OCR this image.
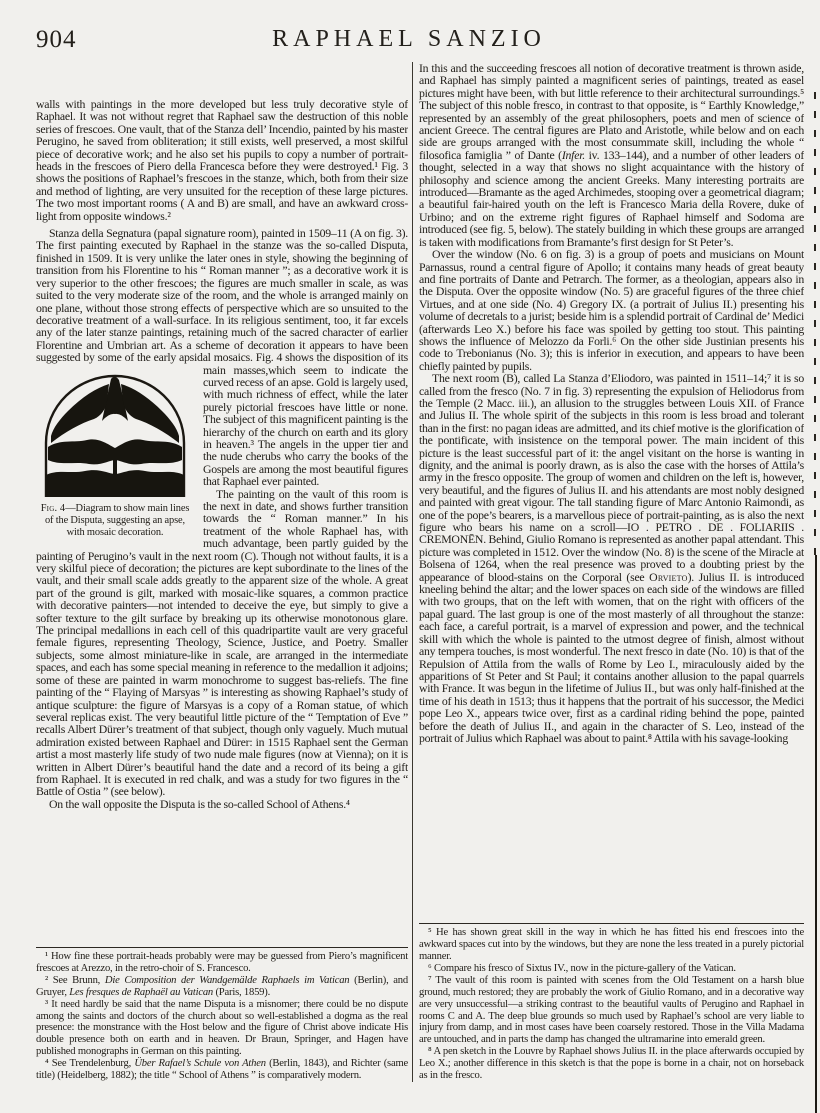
904	RAPHAEL SANZIO

walls with paintings in the more developed but less truly decorative style of Raphael. It was not without regret that Raphael saw the destruction of this noble series of frescoes. One vault, that of the Stanza dell’ Incendio, painted by his master Perugino, he saved from obliteration; it still exists, well preserved, a most skilful piece of decorative work; and he also set his pupils to copy a number of portrait-heads in the frescoes of Piero della Francesca before they were destroyed.¹ Fig. 3 shows the positions of Raphael’s frescoes in the stanze, which, both from their size and method of lighting, are very unsuited for the reception of these large pictures. The two most important rooms ( A and B) are small, and have an awkward cross-light from opposite windows.²

Stanza della Segnatura (papal signature room), painted in 1509–11 (A on fig. 3). The first painting executed by Raphael in the stanze was the so-called Disputa, finished in 1509. It is very unlike the later ones in style, showing the beginning of transition from his Florentine to his “ Roman manner ”; as a decorative work it is very superior to the other frescoes; the figures are much smaller in scale, as was suited to the very moderate size of the room, and the whole is arranged mainly on one plane, without those strong effects of perspective which are so unsuited to the decorative treatment of a wall-surface. In its religious sentiment, too, it far excels any of the later stanze paintings, retaining much of the sacred character of earlier Florentine and Umbrian art. As a scheme of decoration it appears to have been suggested by some of the early apsidal mosaics. Fig. 4 shows the disposition of its main masses,
Fig. 4—Diagram to show main lines of the Disputa, suggesting an apse, with mosaic decoration.
which seem to indicate the curved recess of an apse. Gold is largely used, with much richness of effect, while the later purely pictorial frescoes have little or none. The subject of this magnificent painting is the hierarchy of the church on earth and its glory in heaven.³ The angels in the upper tier and the nude cherubs who carry the books of the Gospels are among the most beautiful figures that Raphael ever painted.

The painting on the vault of this room is the next in date, and shows further transition towards the “ Roman manner.” In his treatment of the whole Raphael has, with much advantage, been partly guided by the painting of Perugino’s vault in the next room (C). Though not without faults, it is a very skilful piece of decoration; the pictures are kept subordinate to the lines of the vault, and their small scale adds greatly to the apparent size of the whole. A great part of the ground is gilt, marked with mosaic-like squares, a common practice with decorative painters—not intended to deceive the eye, but simply to give a softer texture to the gilt surface by breaking up its otherwise monotonous glare. The principal medallions in each cell of this quadripartite vault are very graceful female figures, representing Theology, Science, Justice, and Poetry. Smaller subjects, some almost miniature-like in scale, are arranged in the intermediate spaces, and each has some special meaning in reference to the medallion it adjoins; some of these are painted in warm monochrome to suggest bas-reliefs. The fine painting of the “ Flaying of Marsyas ” is interesting as showing Raphael’s study of antique sculpture: the figure of Marsyas is a copy of a Roman statue, of which several replicas exist. The very beautiful little picture of the “ Temptation of Eve ” recalls Albert Dürer’s treatment of that subject, though only vaguely. Much mutual admiration existed between Raphael and Dürer: in 1515 Raphael sent the German artist a most masterly life study of two nude male figures (now at Vienna); on it is written in Albert Dürer’s beautiful hand the date and a record of its being a gift from Raphael. It is executed in red chalk, and was a study for two figures in the “ Battle of Ostia ” (see below).

On the wall opposite the Disputa is the so-called School of Athens.⁴

¹ How fine these portrait-heads probably were may be guessed from Piero’s magnificent frescoes at Arezzo, in the retro-choir of S. Francesco.

² See Brunn, Die Composition der Wandgemälde Raphaels im Vatican (Berlin), and Gruyer, Les fresques de Raphaël au Vatican (Paris, 1859).

³ It need hardly be said that the name Disputa is a misnomer; there could be no dispute among the saints and doctors of the church about so well-established a dogma as the real presence: the monstrance with the Host below and the figure of Christ above indicate His double presence both on earth and in heaven. Dr Braun, Springer, and Hagen have published monographs in German on this painting.

⁴ See Trendelenburg, Über Rafael’s Schule von Athen (Berlin, 1843), and Richter (same title) (Heidelberg, 1882); the title “ School of Athens ” is comparatively modern.

In this and the succeeding frescoes all notion of decorative treatment is thrown aside, and Raphael has simply painted a magnificent series of paintings, treated as easel pictures might have been, with but little reference to their architectural surroundings.⁵ The subject of this noble fresco, in contrast to that opposite, is “ Earthly Knowledge,” represented by an assembly of the great philosophers, poets and men of science of ancient Greece. The central figures are Plato and Aristotle, while below and on each side are groups arranged with the most consummate skill, including the whole “ filosofica famiglia ” of Dante (Infer. iv. 133–144), and a number of other leaders of thought, selected in a way that shows no slight acquaintance with the history of philosophy and science among the ancient Greeks. Many interesting portraits are introduced—Bramante as the aged Archimedes, stooping over a geometrical diagram; a beautiful fair-haired youth on the left is Francesco Maria della Rovere, duke of Urbino; and on the extreme right figures of Raphael himself and Sodoma are introduced (see fig. 5, below). The stately building in which these groups are arranged is taken with modifications from Bramante’s first design for St Peter’s.

Over the window (No. 6 on fig. 3) is a group of poets and musicians on Mount Parnassus, round a central figure of Apollo; it contains many heads of great beauty and fine portraits of Dante and Petrarch. The former, as a theologian, appears also in the Disputa. Over the opposite window (No. 5) are graceful figures of the three chief Virtues, and at one side (No. 4) Gregory IX. (a portrait of Julius II.) presenting his volume of decretals to a jurist; beside him is a splendid portrait of Cardinal de’ Medici (afterwards Leo X.) before his face was spoiled by getting too stout. This painting shows the influence of Melozzo da Forli.⁶ On the other side Justinian presents his code to Trebonianus (No. 3); this is inferior in execution, and appears to have been chiefly painted by pupils.

The next room (B), called La Stanza d’Eliodoro, was painted in 1511–14;⁷ it is so called from the fresco (No. 7 in fig. 3) representing the expulsion of Heliodorus from the Temple (2 Macc. iii.), an allusion to the struggles between Louis XII. of France and Julius II. The whole spirit of the subjects in this room is less broad and tolerant than in the first: no pagan ideas are admitted, and its chief motive is the glorification of the pontificate, with insistence on the temporal power. The main incident of this picture is the least successful part of it: the angel visitant on the horse is wanting in dignity, and the animal is poorly drawn, as is also the case with the horses of Attila’s army in the fresco opposite. The group of women and children on the left is, however, very beautiful, and the figures of Julius II. and his attendants are most nobly designed and painted with great vigour. The tall standing figure of Marc Antonio Raimondi, as one of the pope’s bearers, is a marvellous piece of portrait-painting, as is also the next figure who bears his name on a scroll—IO . PETRO . DE . FOLIARIIS . CREMONĒN. Behind, Giulio Romano is represented as another papal attendant. This picture was completed in 1512. Over the window (No. 8) is the scene of the Miracle at Bolsena of 1264, when the real presence was proved to a doubting priest by the appearance of blood-stains on the Corporal (see Orvieto). Julius II. is introduced kneeling behind the altar; and the lower spaces on each side of the windows are filled with two groups, that on the left with women, that on the right with officers of the papal guard. The last group is one of the most masterly of all throughout the stanze: each face, a careful portrait, is a marvel of expression and power, and the technical skill with which the whole is painted to the utmost degree of finish, almost without any tempera touches, is most wonderful. The next fresco in date (No. 10) is that of the Repulsion of Attila from the walls of Rome by Leo I., miraculously aided by the apparitions of St Peter and St Paul; it contains another allusion to the papal quarrels with France. It was begun in the lifetime of Julius II., but was only half-finished at the time of his death in 1513; thus it happens that the portrait of his successor, the Medici pope Leo X., appears twice over, first as a cardinal riding behind the pope, painted before the death of Julius II., and again in the character of S. Leo, instead of the portrait of Julius which Raphael was about to paint.⁸ Attila with his savage-looking

⁵ He has shown great skill in the way in which he has fitted his end frescoes into the awkward spaces cut into by the windows, but they are none the less treated in a purely pictorial manner.

⁶ Compare his fresco of Sixtus IV., now in the picture-gallery of the Vatican.

⁷ The vault of this room is painted with scenes from the Old Testament on a harsh blue ground, much restored; they are probably the work of Giulio Romano, and in a decorative way are very unsuccessful—a striking contrast to the beautiful vaults of Perugino and Raphael in rooms C and A. The deep blue grounds so much used by Raphael’s school are very liable to injury from damp, and in most cases have been coarsely restored. Those in the Villa Madama are untouched, and in parts the damp has changed the ultramarine into emerald green.

⁸ A pen sketch in the Louvre by Raphael shows Julius II. in the place afterwards occupied by Leo X.; another difference in this sketch is that the pope is borne in a chair, not on horseback as in the fresco.
